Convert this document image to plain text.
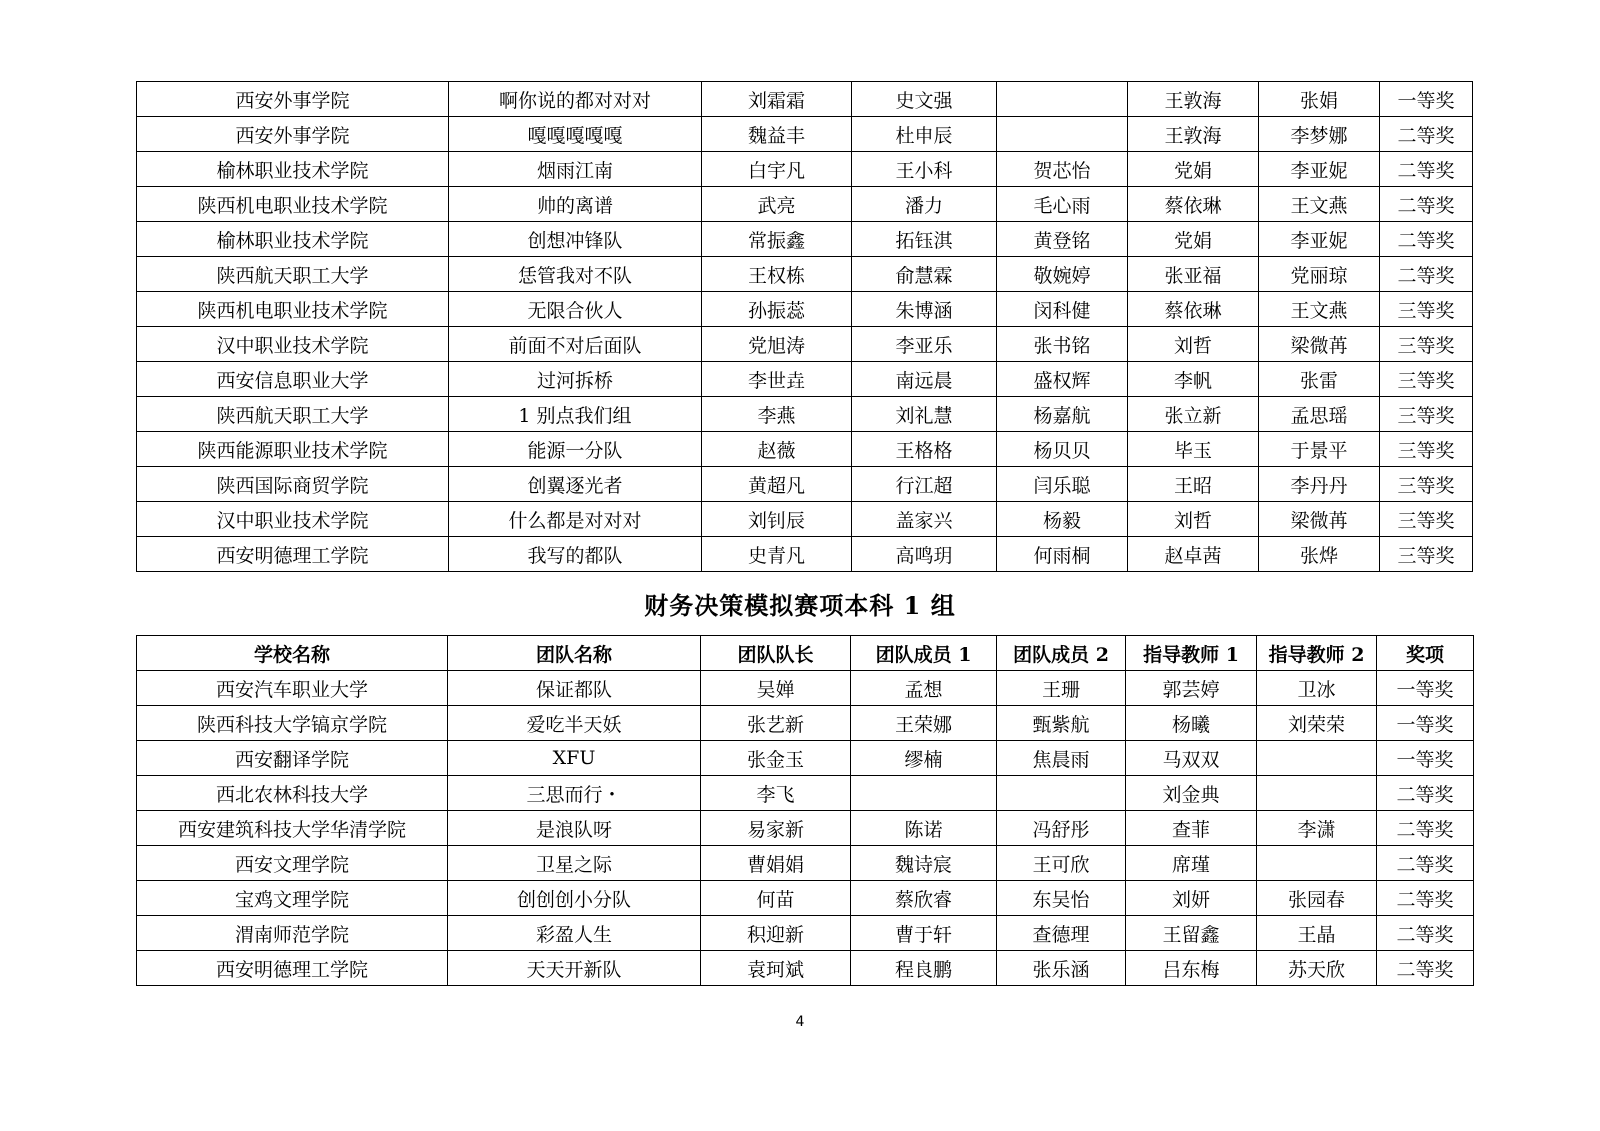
西安外事学院	啊你说的都对对对	刘霜霜	史文强		王敦海	张娟	一等奖
西安外事学院	嘎嘎嘎嘎嘎	魏益丰	杜申辰		王敦海	李梦娜	二等奖
榆林职业技术学院	烟雨江南	白宇凡	王小科	贺芯怡	党娟	李亚妮	二等奖
陕西机电职业技术学院	帅的离谱	武亮	潘力	毛心雨	蔡依琳	王文燕	二等奖
榆林职业技术学院	创想冲锋队	常振鑫	拓钰淇	黄登铭	党娟	李亚妮	二等奖
陕西航天职工大学	恁管我对不队	王权栋	俞慧霖	敬婉婷	张亚福	党丽琼	二等奖
陕西机电职业技术学院	无限合伙人	孙振蕊	朱博涵	闵科健	蔡依琳	王文燕	三等奖
汉中职业技术学院	前面不对后面队	党旭涛	李亚乐	张书铭	刘哲	梁微苒	三等奖
西安信息职业大学	过河拆桥	李世垚	南远晨	盛权辉	李帆	张雷	三等奖
陕西航天职工大学	1 别点我们组	李燕	刘礼慧	杨嘉航	张立新	孟思瑶	三等奖
陕西能源职业技术学院	能源一分队	赵薇	王格格	杨贝贝	毕玉	于景平	三等奖
陕西国际商贸学院	创翼逐光者	黄超凡	行江超	闫乐聪	王昭	李丹丹	三等奖
汉中职业技术学院	什么都是对对对	刘钊辰	盖家兴	杨毅	刘哲	梁微苒	三等奖
西安明德理工学院	我写的都队	史青凡	高鸣玥	何雨桐	赵卓茜	张烨	三等奖
财务决策模拟赛项本科 1 组
学校名称	团队名称	团队队长	团队成员 1	团队成员 2	指导教师 1	指导教师 2	奖项
西安汽车职业大学	保证都队	吴婵	孟想	王珊	郭芸婷	卫冰	一等奖
陕西科技大学镐京学院	爱吃半天妖	张艺新	王荣娜	甄紫航	杨曦	刘荣荣	一等奖
西安翻译学院	XFU	张金玉	缪楠	焦晨雨	马双双		一等奖
西北农林科技大学	三思而行・	李飞			刘金典		二等奖
西安建筑科技大学华清学院	是浪队呀	易家新	陈诺	冯舒彤	查菲	李潇	二等奖
西安文理学院	卫星之际	曹娟娟	魏诗宸	王可欣	席瑾		二等奖
宝鸡文理学院	创创创小分队	何苗	蔡欣睿	东吴怡	刘妍	张园春	二等奖
渭南师范学院	彩盈人生	积迎新	曹于轩	查德理	王留鑫	王晶	二等奖
西安明德理工学院	天天开新队	袁珂斌	程良鹏	张乐涵	吕东梅	苏天欣	二等奖
4
